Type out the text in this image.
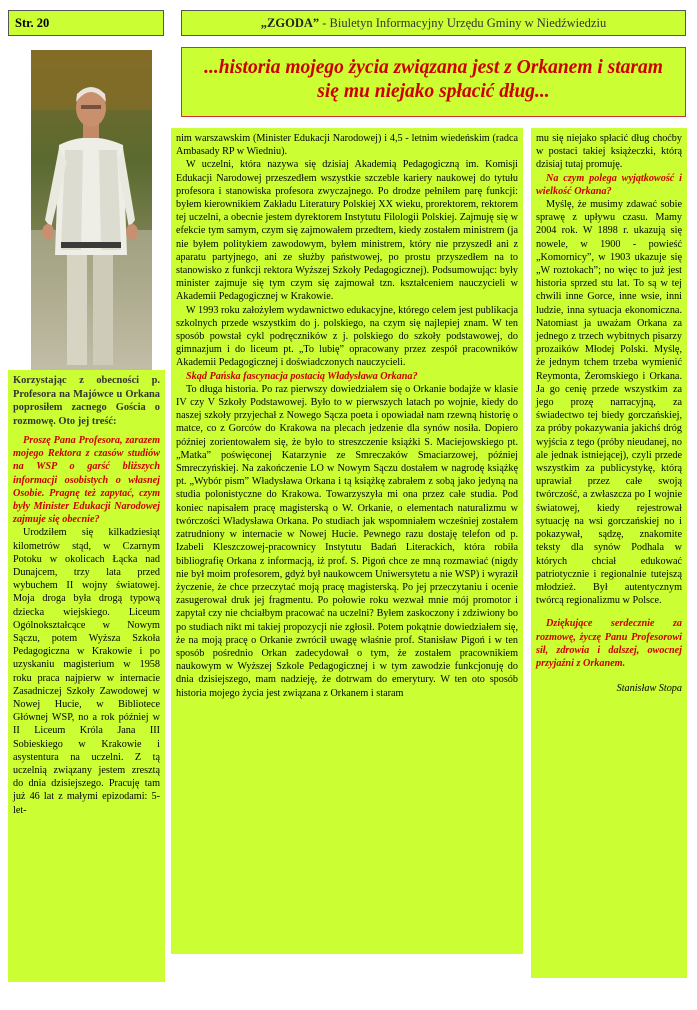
Str. 20	„ZGODA” - Biuletyn Informacyjny Urzędu Gminy w Niedźwiedziu
...historia mojego życia związana jest z Orkanem i staram się mu niejako spłacić dług...

Korzystając z obecności p. Profesora na Majówce u Orkana poprosiłem zacnego Gościa o rozmowę. Oto jej treść:

Proszę Pana Profesora, zarazem mojego Rektora z czasów studiów na WSP o garść bliższych informacji osobistych o własnej Osobie. Pragnę też zapytać, czym były Minister Edukacji Narodowej zajmuje się obecnie?

Urodziłem się kilkadziesiąt kilometrów stąd, w Czarnym Potoku w okolicach Łącka nad Dunajcem, trzy lata przed wybuchem II wojny światowej. Moja droga była drogą typową dziecka wiejskiego. Liceum Ogólnokształcące w Nowym Sączu, potem Wyższa Szkoła Pedagogiczna w Krakowie i po uzyskaniu magisterium w 1958 roku praca najpierw w internacie Zasadniczej Szkoły Zawodowej w Nowej Hucie, w Bibliotece Głównej WSP, no a rok później w II Liceum Króla Jana III Sobieskiego w Krakowie i asystentura na uczelni. Z tą uczelnią związany jestem zresztą do dnia dzisiejszego. Pracuję tam już 46 lat z małymi epizodami: 5-let-

nim warszawskim (Minister Edukacji Narodowej) i 4,5 - letnim wiedeńskim (radca Ambasady RP w Wiedniu).

W uczelni, która nazywa się dzisiaj Akademią Pedagogiczną im. Komisji Edukacji Narodowej przeszedłem wszystkie szczeble kariery naukowej do tytułu profesora i stanowiska profesora zwyczajnego. Po drodze pełniłem parę funkcji: byłem kierownikiem Zakładu Literatury Polskiej XX wieku, prorektorem, rektorem tej uczelni, a obecnie jestem dyrektorem Instytutu Filologii Polskiej. Zajmuję się w efekcie tym samym, czym się zajmowałem przedtem, kiedy zostałem ministrem (ja nie byłem politykiem zawodowym, byłem ministrem, który nie przyszedł ani z aparatu partyjnego, ani ze służby państwowej, po prostu przyszedłem na to stanowisko z funkcji rektora Wyższej Szkoły Pedagogicznej). Podsumowując: były minister zajmuje się tym czym się zajmował tzn. kształceniem nauczycieli w Akademii Pedagogicznej w Krakowie.

W 1993 roku założyłem wydawnictwo edukacyjne, którego celem jest publikacja szkolnych przede wszystkim do j. polskiego, na czym się najlepiej znam. W ten sposób powstał cykl podręczników z j. polskiego do szkoły podstawowej, do gimnazjum i do liceum pt. „To lubię” opracowany przez zespół pracowników Akademii Pedagogicznej i doświadczonych nauczycieli.

Skąd Pańska fascynacja postacią Władysława Orkana?

To długa historia. Po raz pierwszy dowiedziałem się o Orkanie bodajże w klasie IV czy V Szkoły Podstawowej. Było to w pierwszych latach po wojnie, kiedy do naszej szkoły przyjechał z Nowego Sącza poeta i opowiadał nam rzewną historię o matce, co z Gorców do Krakowa na plecach jedzenie dla synów nosiła. Dopiero później zorientowałem się, że było to streszczenie książki S. Maciejowskiego pt. „Matka” poświęconej Katarzynie ze Smreczaków Smaciarzowej, później Smreczyńskiej. Na zakończenie LO w Nowym Sączu dostałem w nagrodę książkę pt. „Wybór pism” Władysława Orkana i tą książkę zabrałem z sobą jako jedyną na studia polonistyczne do Krakowa. Towarzyszyła mi ona przez całe studia. Pod koniec napisałem pracę magisterską o W. Orkanie, o elementach naturalizmu w twórczości Władysława Orkana. Po studiach jak wspomniałem wcześniej zostałem zatrudniony w internacie w Nowej Hucie. Pewnego razu dostaję telefon od p. Izabeli Kleszczowej-pracownicy Instytutu Badań Literackich, która robiła bibliografię Orkana z informacją, iż prof. S. Pigoń chce ze mną rozmawiać (nigdy nie był moim profesorem, gdyż był naukowcem Uniwersytetu a nie WSP) i wyraził życzenie, że chce przeczytać moją pracę magisterską. Po jej przeczytaniu i ocenie zasugerował druk jej fragmentu. Po połowie roku wezwał mnie mój promotor i zapytał czy nie chciałbym pracować na uczelni? Byłem zaskoczony i zdziwiony bo po studiach nikt mi takiej propozycji nie zgłosił. Potem pokątnie dowiedziałem się, że na moją pracę o Orkanie zwrócił uwagę właśnie prof. Stanisław Pigoń i w ten sposób pośrednio Orkan zadecydował o tym, że zostałem pracownikiem naukowym w Wyższej Szkole Pedagogicznej i w tym zawodzie funkcjonuję do dnia dzisiejszego, mam nadzieję, że dotrwam do emerytury. W ten oto sposób historia mojego życia jest związana z Orkanem i staram

mu się niejako spłacić dług choćby w postaci takiej książeczki, którą dzisiaj tutaj promuję.

Na czym polega wyjątkowość i wielkość Orkana?

Myślę, że musimy zdawać sobie sprawę z upływu czasu. Mamy 2004 rok. W 1898 r. ukazują się nowele, w 1900 - powieść „Komornicy”, w 1903 ukazuje się „W roztokach”; no więc to już jest historia sprzed stu lat. To są w tej chwili inne Gorce, inne wsie, inni ludzie, inna sytuacja ekonomiczna. Natomiast ja uważam Orkana za jednego z trzech wybitnych pisarzy prozaików Młodej Polski. Myślę, że jednym tchem trzeba wymienić Reymonta, Żeromskiego i Orkana. Ja go cenię przede wszystkim za jego prozę narracyjną, za świadectwo tej biedy gorczańskiej, za próby pokazywania jakichś dróg wyjścia z tego (próby nieudanej, no ale jednak istniejącej), czyli przede wszystkim za publicystykę, którą uprawiał przez całe swoją twórczość, a zwłaszcza po I wojnie światowej, kiedy rejestrował sytuację na wsi gorczańskiej no i pokazywał, sądzę, znakomite teksty dla synów Podhala w których chciał edukować patriotycznie i regionalnie tutejszą młodzież. Był autentycznym twórcą regionalizmu w Polsce.

Dziękujące serdecznie za rozmowę, życzę Panu Profesorowi sił, zdrowia i dalszej, owocnej przyjaźni z Orkanem.

Stanisław Stopa
